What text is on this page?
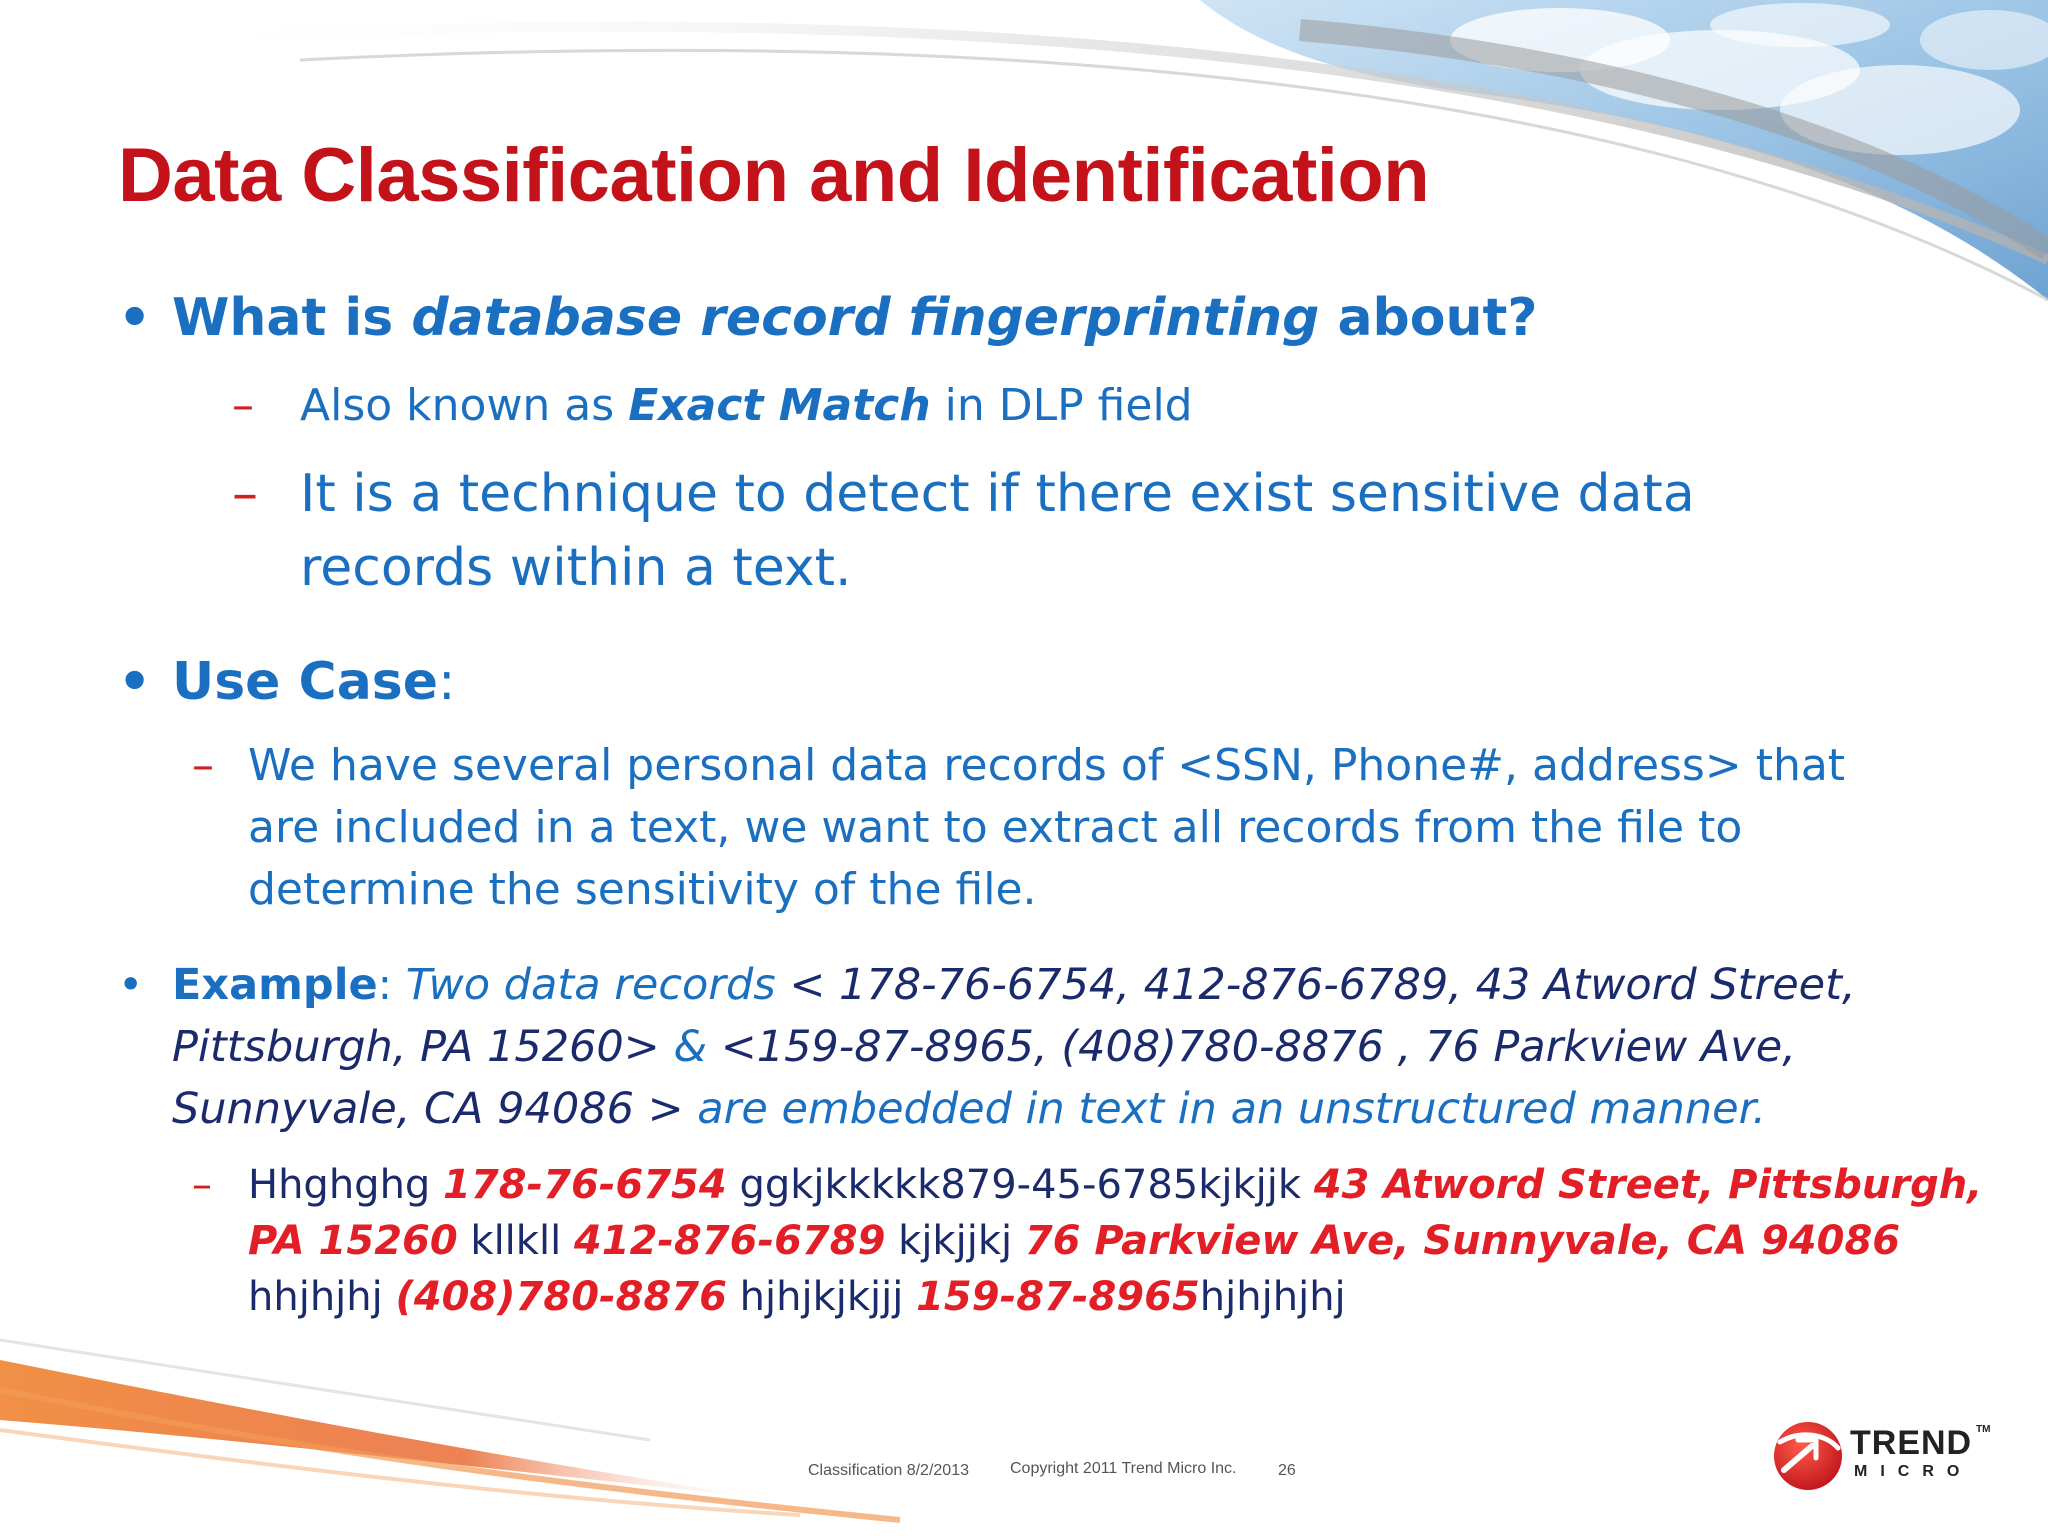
Data Classification and Identification
• What is database record fingerprinting about?
– Also known as Exact Match in DLP field
– It is a technique to detect if there exist sensitive data
records within a text.
• Use Case:
– We have several personal data records of <SSN, Phone#, address> that
are included in a text, we want to extract all records from the file to
determine the sensitivity of the file.
• Example: Two data records < 178-76-6754, 412-876-6789, 43 Atword Street,
Pittsburgh, PA 15260> & <159-87-8965, (408)780-8876 , 76 Parkview Ave,
Sunnyvale, CA 94086 > are embedded in text in an unstructured manner.
– Hhghghg 178-76-6754 ggkjkkkkk879-45-6785kjkjjk 43 Atword Street, Pittsburgh,
PA 15260 kllkll 412-876-6789 kjkjjkj 76 Parkview Ave, Sunnyvale, CA 94086
hhjhjhj (408)780-8876 hjhjkjkjjj 159-87-8965hjhjhjhj
Classification 8/2/2013	Copyright 2011 Trend Micro Inc.	26
TREND TM
MICRO
